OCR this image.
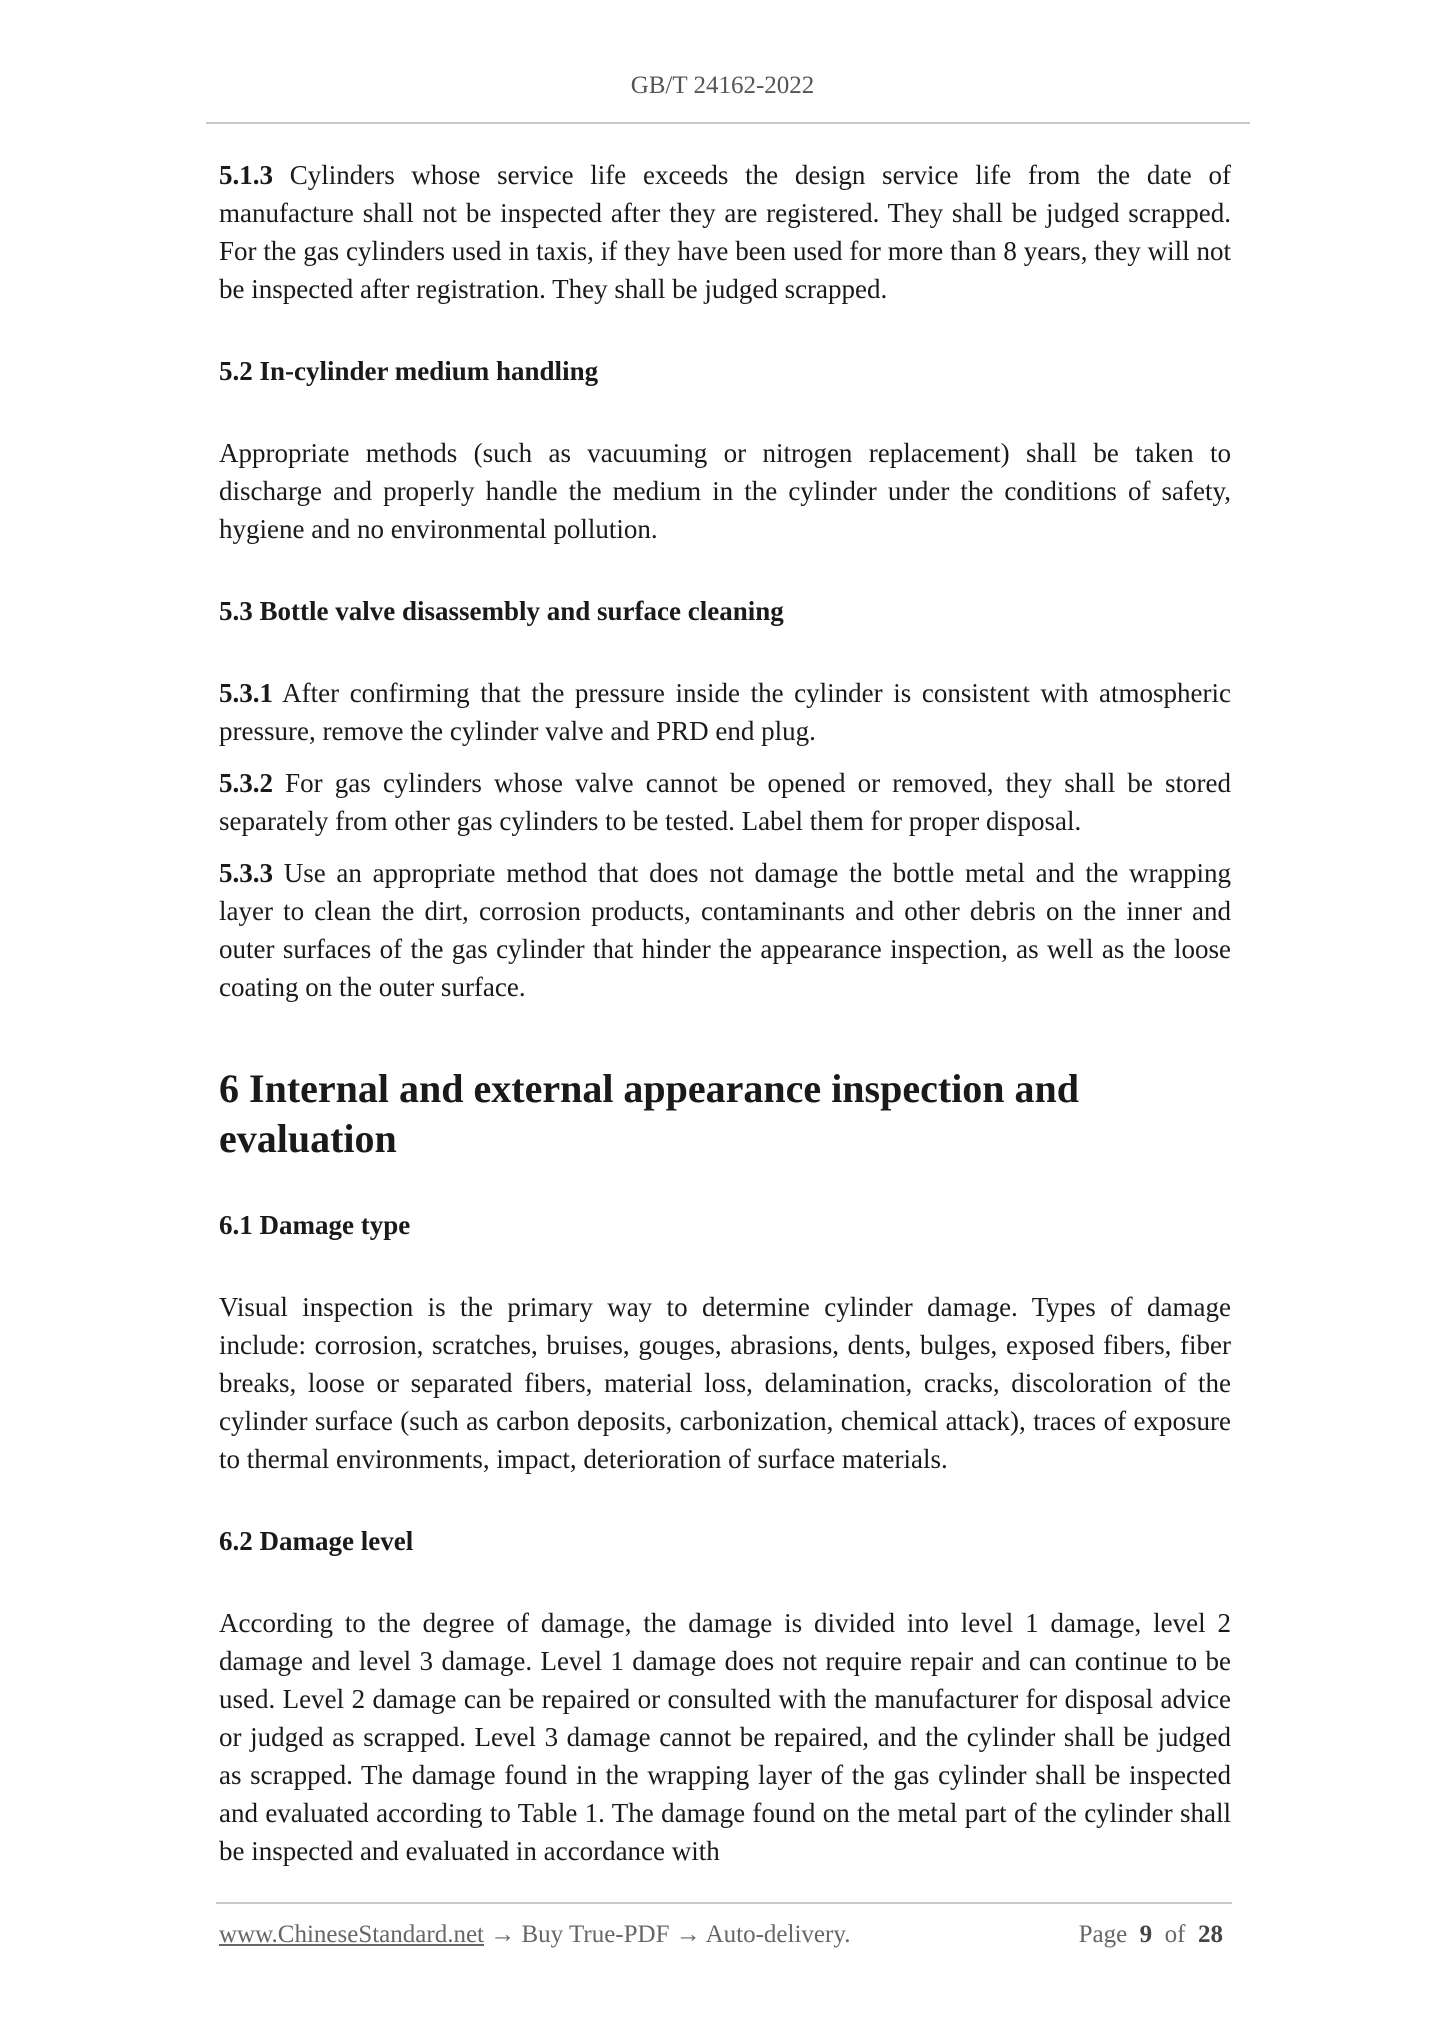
GB/T 24162-2022

5.1.3 Cylinders whose service life exceeds the design service life from the date of manufacture shall not be inspected after they are registered. They shall be judged scrapped. For the gas cylinders used in taxis, if they have been used for more than 8 years, they will not be inspected after registration. They shall be judged scrapped.

5.2 In-cylinder medium handling

Appropriate methods (such as vacuuming or nitrogen replacement) shall be taken to discharge and properly handle the medium in the cylinder under the conditions of safety, hygiene and no environmental pollution.

5.3 Bottle valve disassembly and surface cleaning

5.3.1 After confirming that the pressure inside the cylinder is consistent with atmospheric pressure, remove the cylinder valve and PRD end plug.

5.3.2 For gas cylinders whose valve cannot be opened or removed, they shall be stored separately from other gas cylinders to be tested. Label them for proper disposal.

5.3.3 Use an appropriate method that does not damage the bottle metal and the wrapping layer to clean the dirt, corrosion products, contaminants and other debris on the inner and outer surfaces of the gas cylinder that hinder the appearance inspection, as well as the loose coating on the outer surface.

6 Internal and external appearance inspection and evaluation

6.1 Damage type

Visual inspection is the primary way to determine cylinder damage. Types of damage include: corrosion, scratches, bruises, gouges, abrasions, dents, bulges, exposed fibers, fiber breaks, loose or separated fibers, material loss, delamination, cracks, discoloration of the cylinder surface (such as carbon deposits, carbonization, chemical attack), traces of exposure to thermal environments, impact, deterioration of surface materials.

6.2 Damage level

According to the degree of damage, the damage is divided into level 1 damage, level 2 damage and level 3 damage. Level 1 damage does not require repair and can continue to be used. Level 2 damage can be repaired or consulted with the manufacturer for disposal advice or judged as scrapped. Level 3 damage cannot be repaired, and the cylinder shall be judged as scrapped. The damage found in the wrapping layer of the gas cylinder shall be inspected and evaluated according to Table 1. The damage found on the metal part of the cylinder shall be inspected and evaluated in accordance with

www.ChineseStandard.net → Buy True-PDF → Auto-delivery.	Page 9 of 28
